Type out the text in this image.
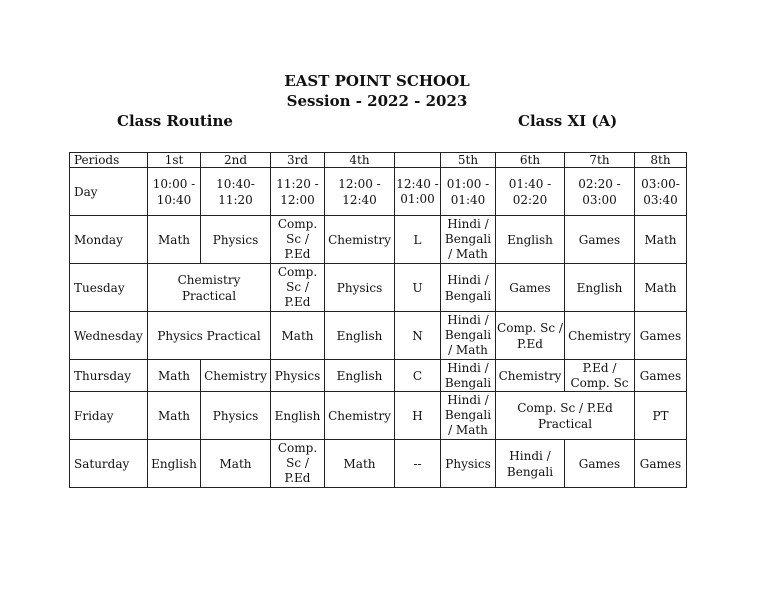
EAST POINT SCHOOL
Session - 2022 - 2023
Class Routine	Class XI (A)
Periods	1st	2nd	3rd	4th		5th	6th	7th	8th
Day	10:00 - 10:40	10:40- 11:20	11:20 - 12:00	12:00 - 12:40	12:40 - 01:00	01:00 - 01:40	01:40 - 02:20	02:20 - 03:00	03:00- 03:40
Monday	Math	Physics	Comp. Sc / P.Ed	Chemistry	L	Hindi / Bengali / Math	English	Games	Math
Tuesday	Chemistry Practical		Comp. Sc / P.Ed	Physics	U	Hindi / Bengali	Games	English	Math
Wednesday	Physics Practical		Math	English	N	Hindi / Bengali / Math	Comp. Sc / P.Ed	Chemistry	Games
Thursday	Math	Chemistry	Physics	English	C	Hindi / Bengali	Chemistry	P.Ed / Comp. Sc	Games
Friday	Math	Physics	English	Chemistry	H	Hindi / Bengali / Math	Comp. Sc / P.Ed Practical		PT
Saturday	English	Math	Comp. Sc / P.Ed	Math	--	Physics	Hindi / Bengali	Games	Games
